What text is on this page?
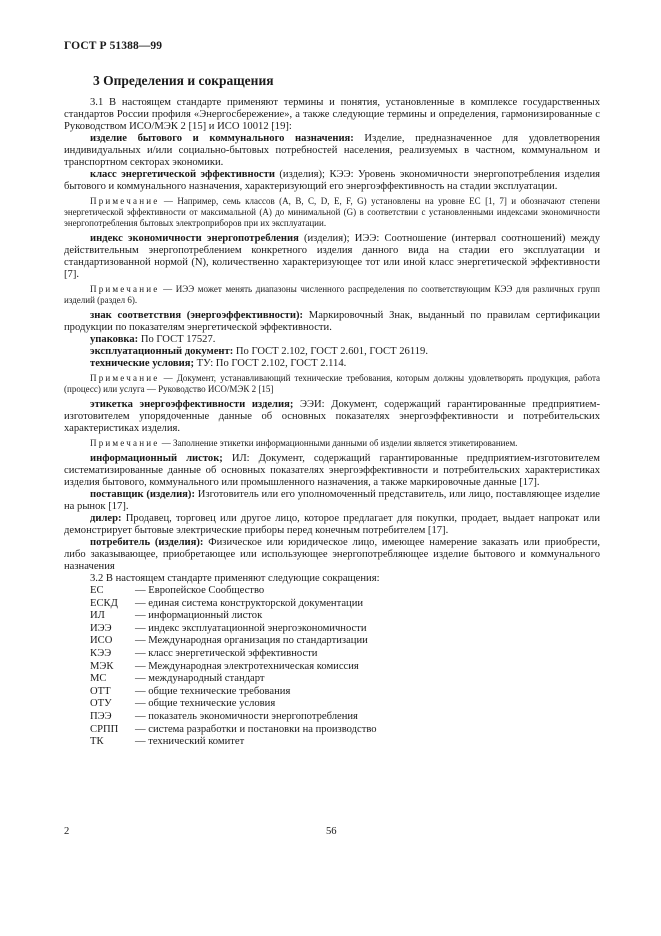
ГОСТ Р 51388—99
3 Определения и сокращения

3.1 В настоящем стандарте применяют термины и понятия, установленные в комплексе государственных стандартов России профиля «Энергосбережение», а также следующие термины и определения, гармонизированные с Руководством ИСО/МЭК 2 [15] и ИСО 10012 [19]:

изделие бытового и коммунального назначения: Изделие, предназначенное для удовлетворения индивидуальных и/или социально-бытовых потребностей населения, реализуемых в частном, коммунальном и транспортном секторах экономики.

класс энергетической эффективности (изделия); КЭЭ: Уровень экономичности энергопотребления изделия бытового и коммунального назначения, характеризующий его энергоэффективность на стадии эксплуатации.

Примечание — Например, семь классов (А, В, С, D, Е, F, G) установлены на уровне ЕС [1, 7] и обозначают степени энергетической эффективности от максимальной (А) до минимальной (G) в соответствии с установленными индексами экономичности энергопотребления бытовых электроприборов при их эксплуатации.

индекс экономичности энергопотребления (изделия); ИЭЭ: Соотношение (интервал соотношений) между действительным энергопотреблением конкретного изделия данного вида на стадии его эксплуатации и стандартизованной нормой (N), количественно характеризующее тот или иной класс энергетической эффективности [7].

Примечание — ИЭЭ может менять диапазоны численного распределения по соответствующим КЭЭ для различных групп изделий (раздел 6).

знак соответствия (энергоэффективности): Маркировочный Знак, выданный по правилам сертификации продукции по показателям энергетической эффективности.

упаковка: По ГОСТ 17527.

эксплуатационный документ: По ГОСТ 2.102, ГОСТ 2.601, ГОСТ 26119.

технические условия; ТУ: По ГОСТ 2.102, ГОСТ 2.114.

Примечание — Документ, устанавливающий технические требования, которым должны удовлетворять продукция, работа (процесс) или услуга — Руководство ИСО/МЭК 2 [15]

этикетка энергоэффективности изделия; ЭЭИ: Документ, содержащий гарантированные предприятием-изготовителем упорядоченные данные об основных показателях энергоэффективности и потребительских характеристиках изделия.

Примечание — Заполнение этикетки информационными данными об изделии является этикетированием.

информационный листок; ИЛ: Документ, содержащий гарантированные предприятием-изготовителем систематизированные данные об основных показателях энергоэффективности и потребительских характеристиках изделия бытового, коммунального или промышленного назначения, а также маркировочные данные [17].

поставщик (изделия): Изготовитель или его уполномоченный представитель, или лицо, поставляющее изделие на рынок [17].

дилер: Продавец, торговец или другое лицо, которое предлагает для покупки, продает, выдает напрокат или демонстрирует бытовые электрические приборы перед конечным потребителем [17].

потребитель (изделия): Физическое или юридическое лицо, имеющее намерение заказать или приобрести, либо заказывающее, приобретающее или использующее энергопотребляющее изделие бытового и коммунального назначения

3.2 В настоящем стандарте применяют следующие сокращения:

ЕС	— Европейское Сообщество
ЕСКД	— единая система конструкторской документации
ИЛ	— информационный листок
ИЭЭ	— индекс эксплуатационной энергоэкономичности
ИСО	— Международная организация по стандартизации
КЭЭ	— класс энергетической эффективности
МЭК	— Международная электротехническая комиссия
МС	— международный стандарт
ОТТ	— общие технические требования
ОТУ	— общие технические условия
ПЭЭ	— показатель экономичности энергопотребления
СРПП	— система разработки и постановки на производство
ТК	— технический комитет
2	56
